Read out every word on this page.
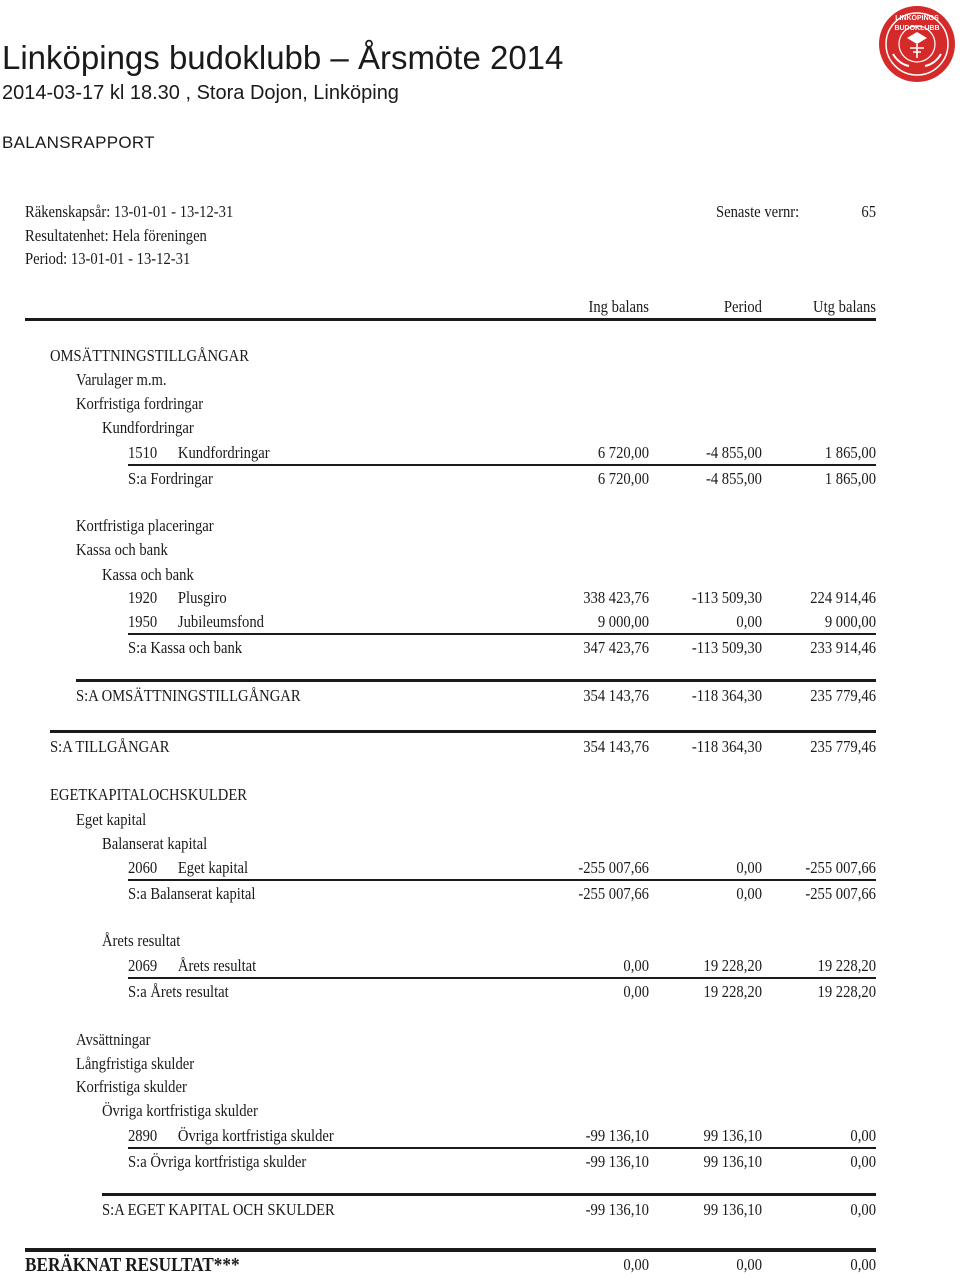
Linköpings budoklubb – Årsmöte 2014
2014-03-17 kl 18.30 , Stora Dojon, Linköping
BALANSRAPPORT
LINKÖPINGS
BUDOKLUBB
Räkenskapsår: 13-01-01 - 13-12-31
Resultatenhet: Hela föreningen
Period: 13-01-01 - 13-12-31
Senaste vernr:	65
Ing balans	Period	Utg balans
OMSÄTTNINGSTILLGÅNGAR
Varulager m.m.
Korfristiga fordringar
Kundfordringar
1510 Kundfordringar	6 720,00	-4 855,00	1 865,00
S:a Fordringar	6 720,00	-4 855,00	1 865,00
Kortfristiga placeringar
Kassa och bank
Kassa och bank
1920 Plusgiro	338 423,76	-113 509,30	224 914,46
1950 Jubileumsfond	9 000,00	0,00	9 000,00
S:a Kassa och bank	347 423,76	-113 509,30	233 914,46
S:A OMSÄTTNINGSTILLGÅNGAR	354 143,76	-118 364,30	235 779,46
S:A TILLGÅNGAR	354 143,76	-118 364,30	235 779,46
EGETKAPITALOCHSKULDER
Eget kapital
Balanserat kapital
2060 Eget kapital	-255 007,66	0,00	-255 007,66
S:a Balanserat kapital	-255 007,66	0,00	-255 007,66
Årets resultat
2069 Årets resultat	0,00	19 228,20	19 228,20
S:a Årets resultat	0,00	19 228,20	19 228,20
Avsättningar
Långfristiga skulder
Korfristiga skulder
Övriga kortfristiga skulder
2890 Övriga kortfristiga skulder	-99 136,10	99 136,10	0,00
S:a Övriga kortfristiga skulder	-99 136,10	99 136,10	0,00
S:A EGET KAPITAL OCH SKULDER	-99 136,10	99 136,10	0,00
BERÄKNAT RESULTAT***	0,00	0,00	0,00
